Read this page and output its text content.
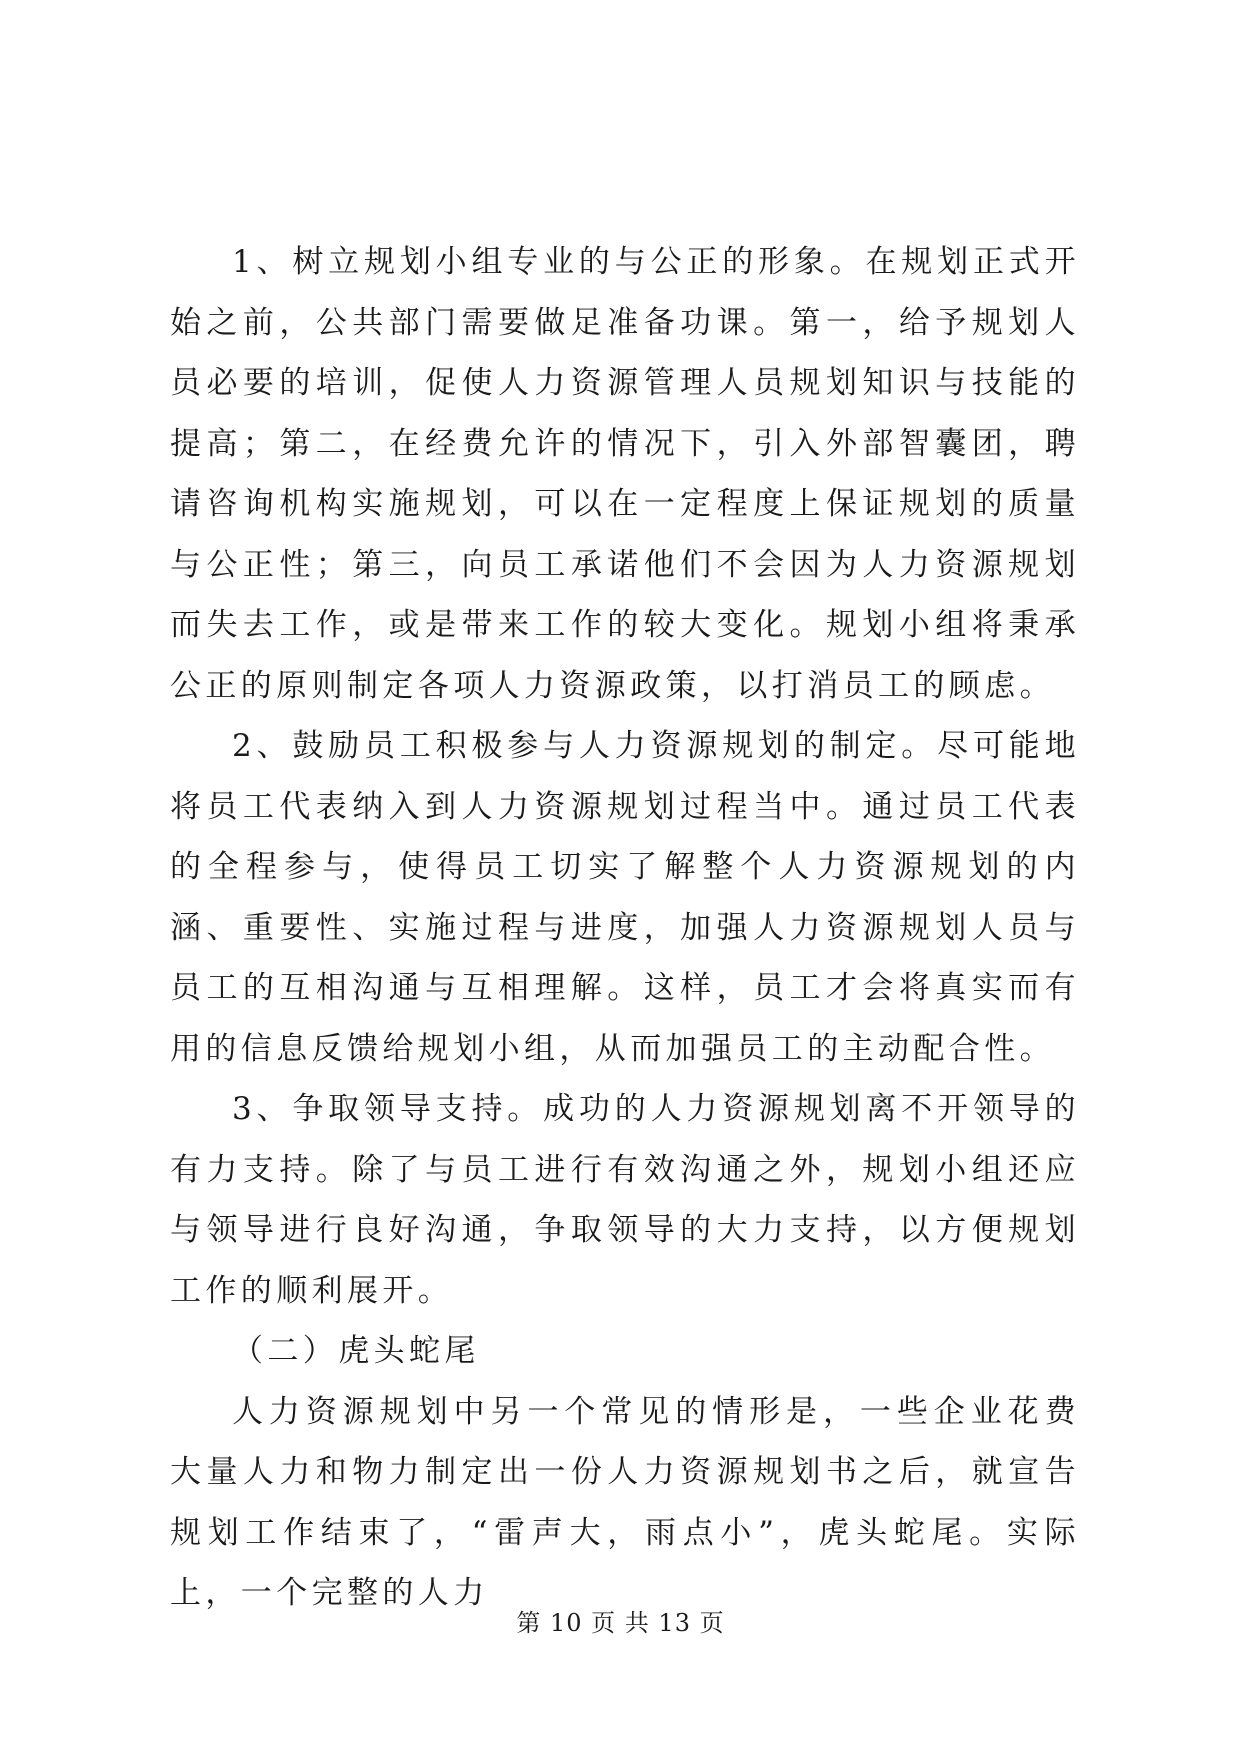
1、树立规划小组专业的与公正的形象。在规划正式开始之前，公共部门需要做足准备功课。第一，给予规划人员必要的培训，促使人力资源管理人员规划知识与技能的提高；第二，在经费允许的情况下，引入外部智囊团，聘请咨询机构实施规划，可以在一定程度上保证规划的质量与公正性；第三，向员工承诺他们不会因为人力资源规划而失去工作，或是带来工作的较大变化。规划小组将秉承公正的原则制定各项人力资源政策，以打消员工的顾虑。

2、鼓励员工积极参与人力资源规划的制定。尽可能地将员工代表纳入到人力资源规划过程当中。通过员工代表的全程参与，使得员工切实了解整个人力资源规划的内涵、重要性、实施过程与进度，加强人力资源规划人员与员工的互相沟通与互相理解。这样，员工才会将真实而有用的信息反馈给规划小组，从而加强员工的主动配合性。

3、争取领导支持。成功的人力资源规划离不开领导的有力支持。除了与员工进行有效沟通之外，规划小组还应与领导进行良好沟通，争取领导的大力支持，以方便规划工作的顺利展开。

（二）虎头蛇尾

人力资源规划中另一个常见的情形是，一些企业花费大量人力和物力制定出一份人力资源规划书之后，就宣告规划工作结束了，“雷声大，雨点小”，虎头蛇尾。实际上，一个完整的人力

第 10 页 共 13 页
